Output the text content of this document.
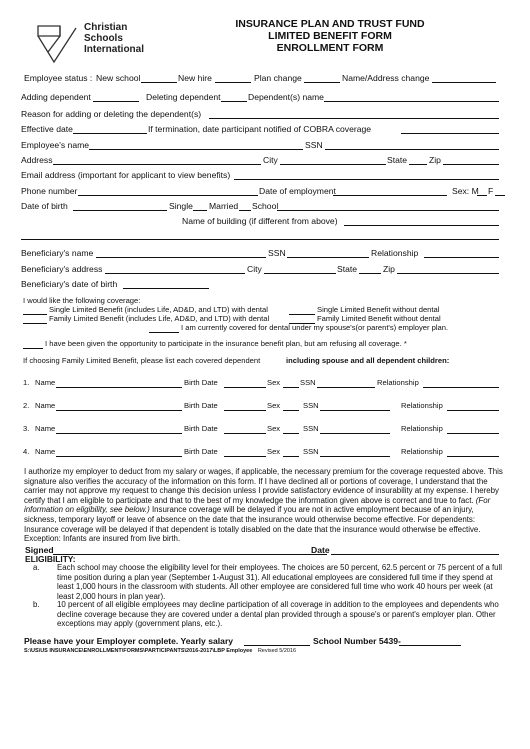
Christian
Schools
International
INSURANCE PLAN AND TRUST FUND
LIMITED BENEFIT FORM
ENROLLMENT FORM
Employee status : New school	New hire	Plan change	Name/Address change
Adding dependent	Deleting dependent	Dependent(s) name
Reason for adding or deleting the dependent(s)
Effective date	If termination, date participant notified of COBRA coverage
Employee's name	SSN
Address	City	State	Zip
Email address (important for applicant to view benefits)
Phone number	Date of employment	Sex: M F
Date of birth	Single Married School
Name of building (if different from above)
Beneficiary's name	SSN	Relationship
Beneficiary's address	City	State	Zip
Beneficiary's date of birth
I would like the following coverage:
Single Limited Benefit (includes Life, AD&D, and LTD) with dental	Single Limited Benefit without dental
Family Limited Benefit (includes Life, AD&D, and LTD) with dental	Family Limited Benefit without dental
I am currently covered for dental under my spouse's(or parent's) employer plan.
I have been given the opportunity to participate in the insurance benefit plan, but am refusing all coverage. *
If choosing Family Limited Benefit, please list each covered dependent	including spouse and all dependent children:
1. Name	Birth Date	Sex	SSN	Relationship
2. Name	Birth Date	Sex	SSN	Relationship
3. Name	Birth Date	Sex	SSN	Relationship
4. Name	Birth Date	Sex	SSN	Relationship
I authorize my employer to deduct from my salary or wages, if applicable, the necessary premium for the coverage requested above. This signature also verifies the accuracy of the information on this form. If I have declined all or portions of coverage, I understand that the carrier may not approve my request to change this decision unless I provide satisfactory evidence of insurability at my expense. I hereby certify that I am eligible to participate and that to the best of my knowledge the information given above is correct and true to fact. (For information on eligibility, see below.) Insurance coverage will be delayed if you are not in active employment because of an injury, sickness, temporary layoff or leave of absence on the date that the insurance would otherwise become effective. For dependents: Insurance coverage will be delayed if that dependent is totally disabled on the date that the insurance would otherwise be effective. Exception: Infants are insured from live birth.
Signed	Date
ELIGIBILITY:
a. Each school may choose the eligibility level for their employees. The choices are 50 percent, 62.5 percent or 75 percent of a full time position during a plan year (September 1-August 31). All educational employees are considered full time if they spend at least 1,000 hours in the classroom with students. All other employee are considered full time who work 40 hours per week (at least 2,000 hours in plan year).
b. 10 percent of all eligible employees may decline participation of all coverage in addition to the employees and dependents who decline coverage because they are covered under a dental plan provided through a spouse's or parent's employer plan. Other exceptions may apply (government plans, etc.).
Please have your Employer complete. Yearly salary	School Number 5439-
S:\US\US INSURANCE\ENROLLMENT\FORMS\PARTICIPANTS\2016-2017\LBP Employee Revised 5/2016
